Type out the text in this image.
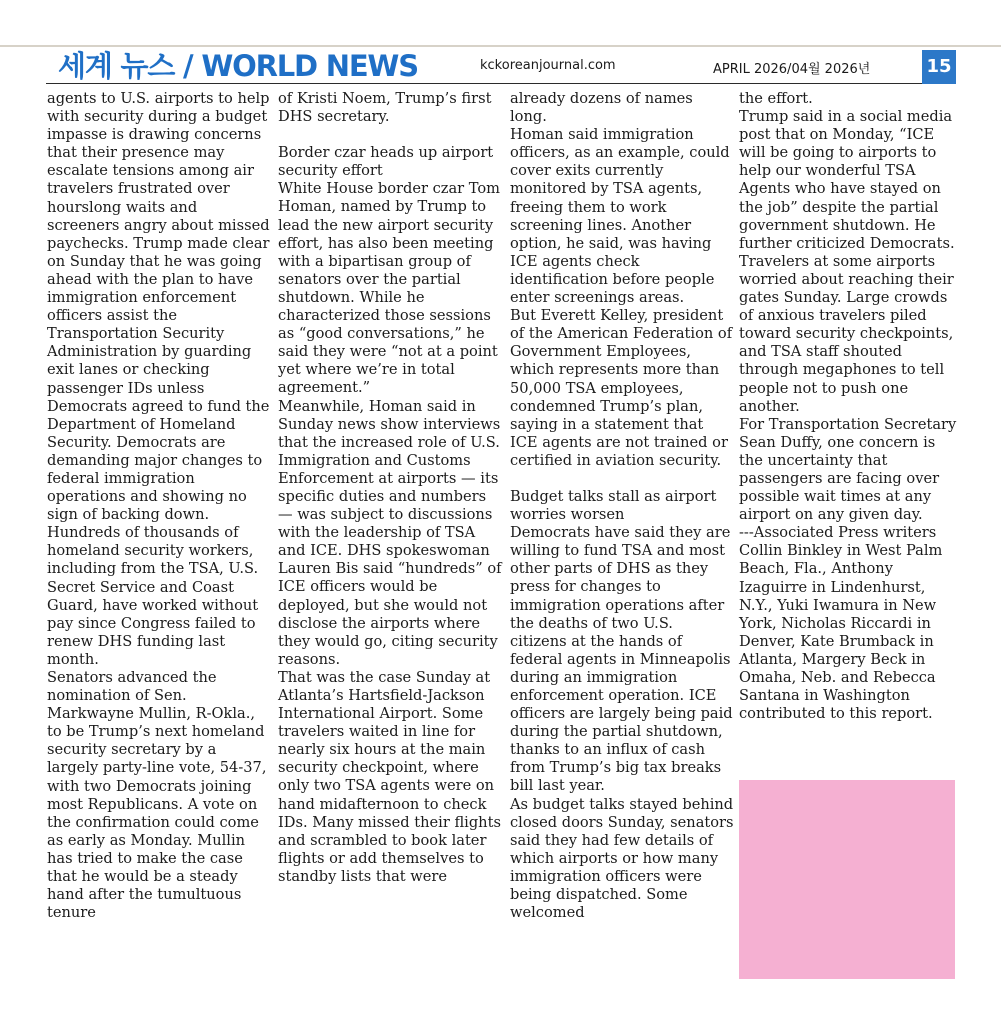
세계 뉴스 / WORLD NEWS	kckoreanjournal.com	APRIL 2026/04월 2026년	15

agents to U.S. airports to help with security during a budget impasse is drawing concerns that their presence may escalate tensions among air travelers frustrated over hourslong waits and screeners angry about missed paychecks. Trump made clear on Sunday that he was going ahead with the plan to have immigration enforcement officers assist the Transportation Security Administration by guarding exit lanes or checking passenger IDs unless Democrats agreed to fund the Department of Homeland Security. Democrats are demanding major changes to federal immigration operations and showing no sign of backing down.

Hundreds of thousands of homeland security workers, including from the TSA, U.S. Secret Service and Coast Guard, have worked without pay since Congress failed to renew DHS funding last month.

Senators advanced the nomination of Sen. Markwayne Mullin, R-Okla., to be Trump’s next homeland security secretary by a largely party-line vote, 54-37, with two Democrats joining most Republicans. A vote on the confirmation could come as early as Monday. Mullin has tried to make the case that he would be a steady hand after the tumultuous tenure

of Kristi Noem, Trump’s first DHS secretary.

Border czar heads up airport security effort

White House border czar Tom Homan, named by Trump to lead the new airport security effort, has also been meeting with a bipartisan group of senators over the partial shutdown. While he characterized those sessions as “good conversations,” he said they were “not at a point yet where we’re in total agreement.”

Meanwhile, Homan said in Sunday news show interviews that the increased role of U.S. Immigration and Customs Enforcement at airports — its specific duties and numbers — was subject to discussions with the leadership of TSA and ICE. DHS spokeswoman Lauren Bis said “hundreds” of ICE officers would be deployed, but she would not disclose the airports where they would go, citing security reasons.

That was the case Sunday at Atlanta’s Hartsfield-Jackson International Airport. Some travelers waited in line for nearly six hours at the main security checkpoint, where only two TSA agents were on hand midafternoon to check IDs. Many missed their flights and scrambled to book later flights or add themselves to standby lists that were

already dozens of names long.

Homan said immigration officers, as an example, could cover exits currently monitored by TSA agents, freeing them to work screening lines. Another option, he said, was having ICE agents check identification before people enter screenings areas.

But Everett Kelley, president of the American Federation of Government Employees, which represents more than 50,000 TSA employees, condemned Trump’s plan, saying in a statement that ICE agents are not trained or certified in aviation security.

Budget talks stall as airport worries worsen

Democrats have said they are willing to fund TSA and most other parts of DHS as they press for changes to immigration operations after the deaths of two U.S. citizens at the hands of federal agents in Minneapolis during an immigration enforcement operation. ICE officers are largely being paid during the partial shutdown, thanks to an influx of cash from Trump’s big tax breaks bill last year.

As budget talks stayed behind closed doors Sunday, senators said they had few details of which airports or how many immigration officers were being dispatched. Some welcomed

the effort.

Trump said in a social media post that on Monday, “ICE will be going to airports to help our wonderful TSA Agents who have stayed on the job” despite the partial government shutdown. He further criticized Democrats.

Travelers at some airports worried about reaching their gates Sunday. Large crowds of anxious travelers piled toward security checkpoints, and TSA staff shouted through megaphones to tell people not to push one another.

For Transportation Secretary Sean Duffy, one concern is the uncertainty that passengers are facing over possible wait times at any airport on any given day.

---Associated Press writers Collin Binkley in West Palm Beach, Fla., Anthony Izaguirre in Lindenhurst, N.Y., Yuki Iwamura in New York, Nicholas Riccardi in Denver, Kate Brumback in Atlanta, Margery Beck in Omaha, Neb. and Rebecca Santana in Washington contributed to this report.
